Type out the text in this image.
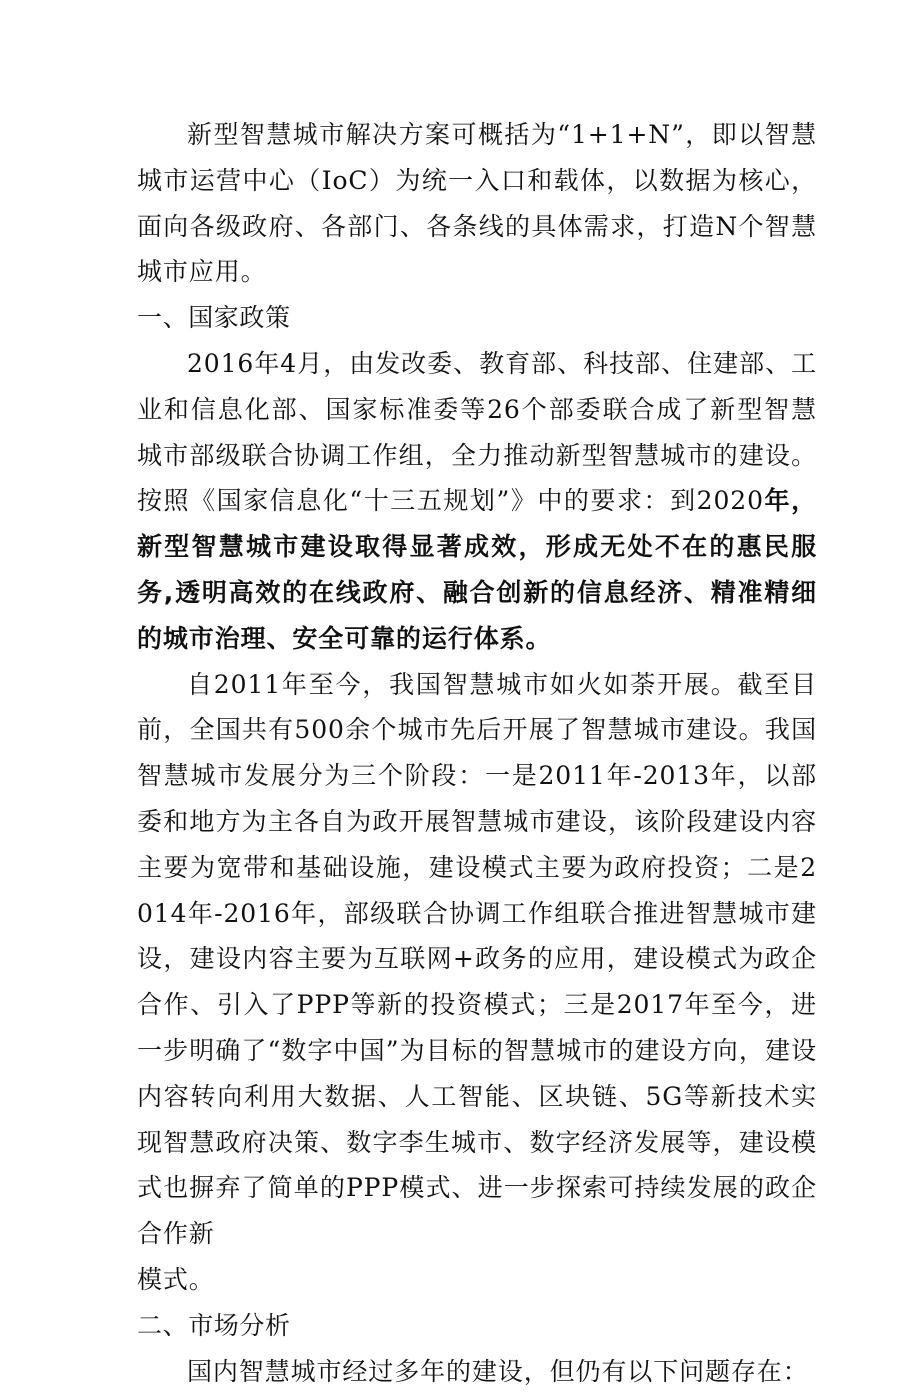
新型智慧城市解决方案可概括为“1+1+N”，即以智慧城市运营中心（IoC）为统一入口和载体，以数据为核心，面向各级政府、各部门、各条线的具体需求，打造N个智慧城市应用。

一、国家政策

2016年4月，由发改委、教育部、科技部、住建部、工业和信息化部、国家标准委等26个部委联合成了新型智慧城市部级联合协调工作组，全力推动新型智慧城市的建设。按照《国家信息化“十三五规划”》中的要求：到2020年，新型智慧城市建设取得显著成效，形成无处不在的惠民服务,透明高效的在线政府、融合创新的信息经济、精准精细的城市治理、安全可靠的运行体系。

自2011年至今，我国智慧城市如火如荼开展。截至目前，全国共有500余个城市先后开展了智慧城市建设。我国智慧城市发展分为三个阶段：一是2011年-2013年，以部委和地方为主各自为政开展智慧城市建设，该阶段建设内容主要为宽带和基础设施，建设模式主要为政府投资；二是2014年-2016年，部级联合协调工作组联合推进智慧城市建设，建设内容主要为互联网+政务的应用，建设模式为政企合作、引入了PPP等新的投资模式；三是2017年至今，进一步明确了“数字中国”为目标的智慧城市的建设方向，建设内容转向利用大数据、人工智能、区块链、5G等新技术实现智慧政府决策、数字李生城市、数字经济发展等，建设模式也摒弃了简单的PPP模式、进一步探索可持续发展的政企合作新

模式。

二、市场分析

国内智慧城市经过多年的建设，但仍有以下问题存在：
